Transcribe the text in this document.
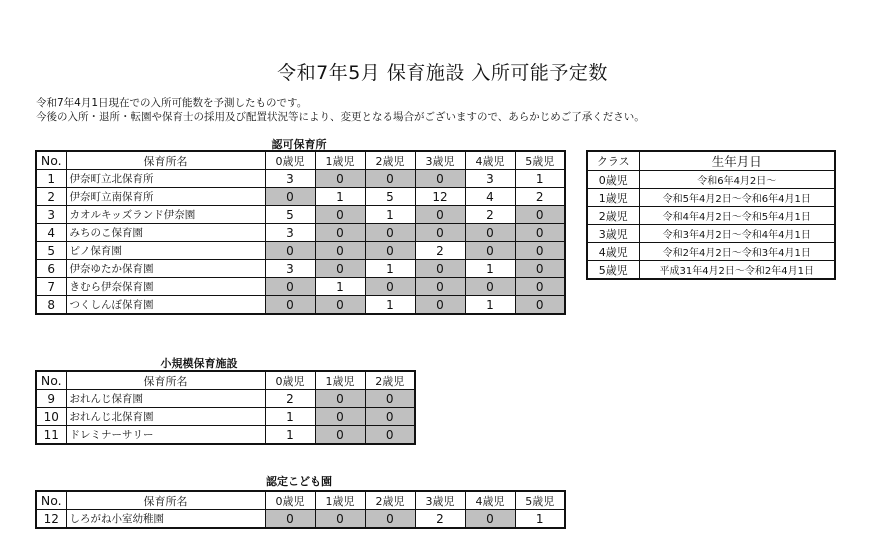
令和7年5月 保育施設 入所可能予定数
令和7年4月1日現在での入所可能数を予測したものです。
今後の入所・退所・転園や保育士の採用及び配置状況等により、変更となる場合がございますので、あらかじめご了承ください。
認可保育所
No.	保育所名	0歳児	1歳児	2歳児	3歳児	4歳児	5歳児
1	伊奈町立北保育所	3	0	0	0	3	1
2	伊奈町立南保育所	0	1	5	12	4	2
3	カオルキッズランド伊奈園	5	0	1	0	2	0
4	みちのこ保育園	3	0	0	0	0	0
5	ピノ保育園	0	0	0	2	0	0
6	伊奈ゆたか保育園	3	0	1	0	1	0
7	きむら伊奈保育園	0	1	0	0	0	0
8	つくしんぼ保育園	0	0	1	0	1	0
クラス	生年月日
0歳児	令和6年4月2日～
1歳児	令和5年4月2日～令和6年4月1日
2歳児	令和4年4月2日～令和5年4月1日
3歳児	令和3年4月2日～令和4年4月1日
4歳児	令和2年4月2日～令和3年4月1日
5歳児	平成31年4月2日～令和2年4月1日
小規模保育施設
No.	保育所名	0歳児	1歳児	2歳児
9	おれんじ保育園	2	0	0
10	おれんじ北保育園	1	0	0
11	ドレミナーサリー	1	0	0
認定こども園
No.	保育所名	0歳児	1歳児	2歳児	3歳児	4歳児	5歳児
12	しろがね小室幼稚園	0	0	0	2	0	1
